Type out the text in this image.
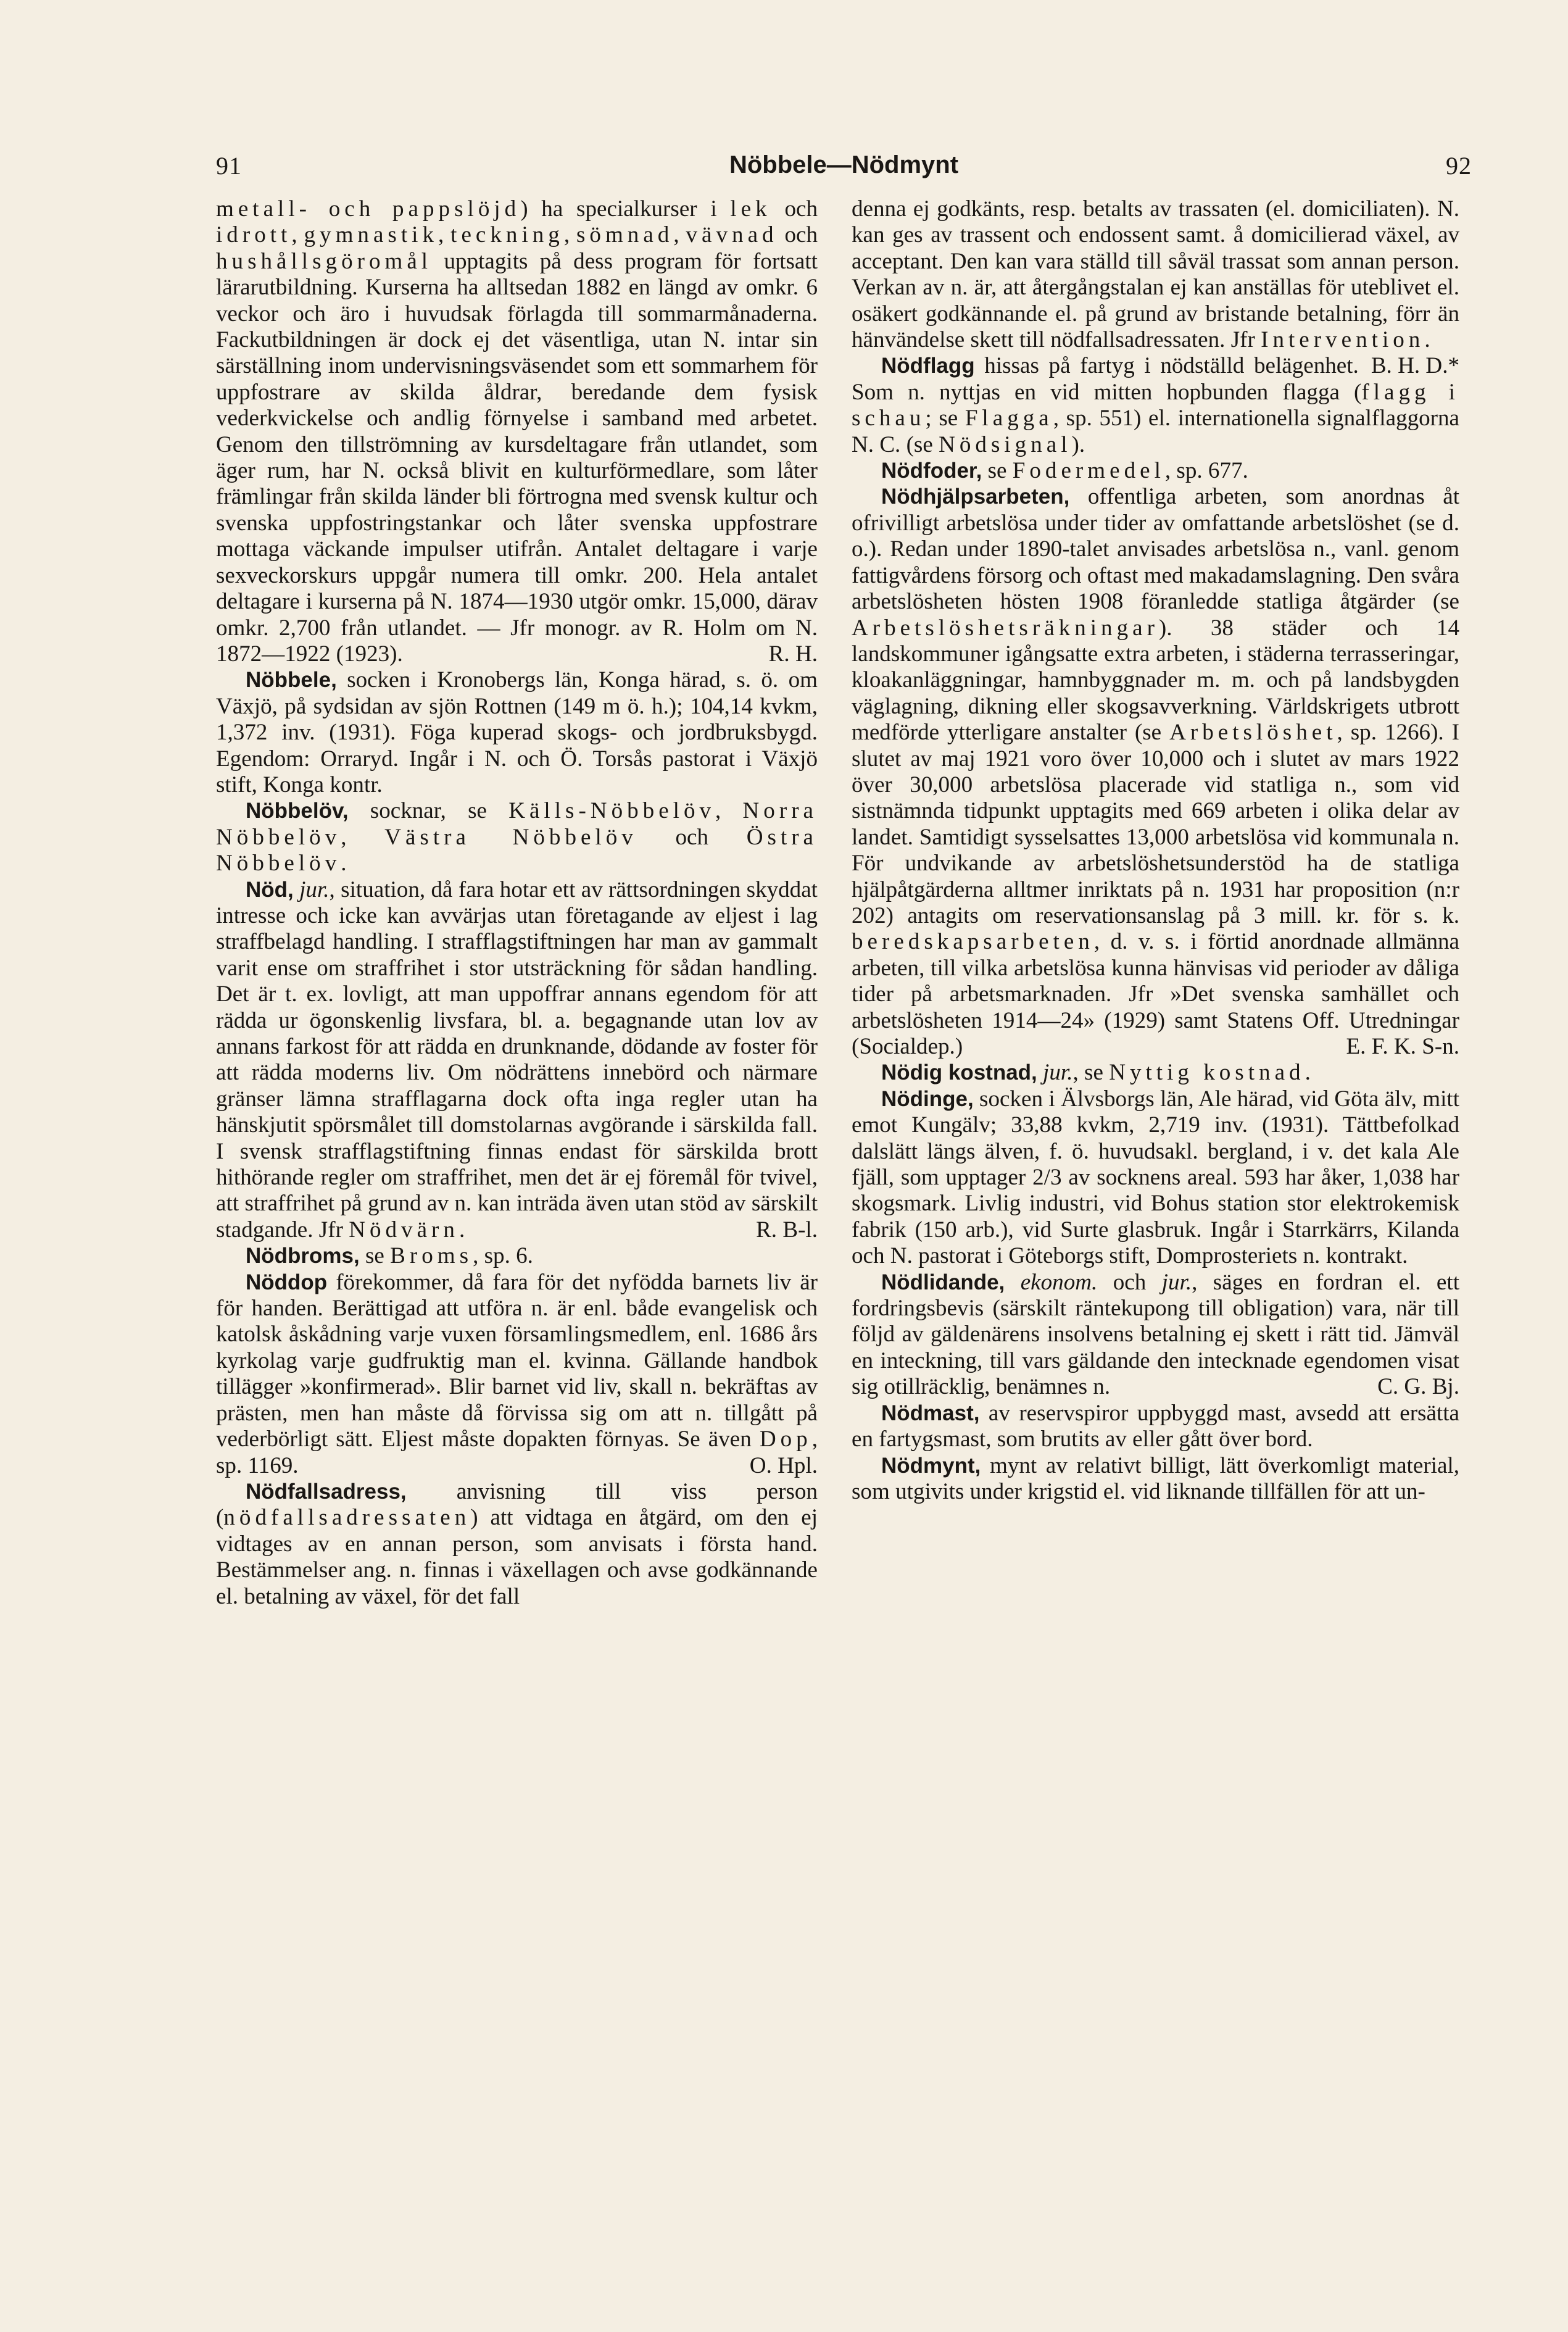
91	Nöbbele—Nödmynt	92

metall- och pappslöjd) ha specialkurser i lek och idrott, gymnastik, teckning, sömnad, vävnad och hushållsgöromål upptagits på dess program för fortsatt lärarutbildning. Kurserna ha alltsedan 1882 en längd av omkr. 6 veckor och äro i huvudsak förlagda till sommarmånaderna. Fackutbildningen är dock ej det väsentliga, utan N. intar sin särställning inom undervisningsväsendet som ett sommarhem för uppfostrare av skilda åldrar, beredande dem fysisk vederkvickelse och andlig förnyelse i samband med arbetet. Genom den tillströmning av kursdeltagare från utlandet, som äger rum, har N. också blivit en kulturförmedlare, som låter främlingar från skilda länder bli förtrogna med svensk kultur och svenska uppfostringstankar och låter svenska uppfostrare mottaga väckande impulser utifrån. Antalet deltagare i varje sexveckorskurs uppgår numera till omkr. 200. Hela antalet deltagare i kurserna på N. 1874—1930 utgör omkr. 15,000, därav omkr. 2,700 från utlandet. — Jfr monogr. av R. Holm om N. 1872—1922 (1923).	R. H.

Nöbbele, socken i Kronobergs län, Konga härad, s. ö. om Växjö, på sydsidan av sjön Rottnen (149 m ö. h.); 104,14 kvkm, 1,372 inv. (1931). Föga kuperad skogs- och jordbruksbygd. Egendom: Orraryd. Ingår i N. och Ö. Torsås pastorat i Växjö stift, Konga kontr.

Nöbbelöv, socknar, se Källs-Nöbbelöv, Norra Nöbbelöv, Västra Nöbbelöv och Östra Nöbbelöv.

Nöd, jur., situation, då fara hotar ett av rättsordningen skyddat intresse och icke kan avvärjas utan företagande av eljest i lag straffbelagd handling. I strafflagstiftningen har man av gammalt varit ense om straffrihet i stor utsträckning för sådan handling. Det är t. ex. lovligt, att man uppoffrar annans egendom för att rädda ur ögonskenlig livsfara, bl. a. begagnande utan lov av annans farkost för att rädda en drunknande, dödande av foster för att rädda moderns liv. Om nödrättens innebörd och närmare gränser lämna strafflagarna dock ofta inga regler utan ha hänskjutit spörsmålet till domstolarnas avgörande i särskilda fall. I svensk strafflagstiftning finnas endast för särskilda brott hithörande regler om straffrihet, men det är ej föremål för tvivel, att straffrihet på grund av n. kan inträda även utan stöd av särskilt stadgande. Jfr Nödvärn.	R. B-l.

Nödbroms, se Broms, sp. 6.

Nöddop förekommer, då fara för det nyfödda barnets liv är för handen. Berättigad att utföra n. är enl. både evangelisk och katolsk åskådning varje vuxen församlingsmedlem, enl. 1686 års kyrkolag varje gudfruktig man el. kvinna. Gällande handbok tillägger »konfirmerad». Blir barnet vid liv, skall n. bekräftas av prästen, men han måste då förvissa sig om att n. tillgått på vederbörligt sätt. Eljest måste dopakten förnyas. Se även Dop, sp. 1169.	O. Hpl.

Nödfallsadress, anvisning till viss person (nödfallsadressaten) att vidtaga en åtgärd, om den ej vidtages av en annan person, som anvisats i första hand. Bestämmelser ang. n. finnas i växellagen och avse godkännande el. betalning av växel, för det fall

denna ej godkänts, resp. betalts av trassaten (el. domiciliaten). N. kan ges av trassent och endossent samt. å domicilierad växel, av acceptant. Den kan vara ställd till såväl trassat som annan person. Verkan av n. är, att återgångstalan ej kan anställas för uteblivet el. osäkert godkännande el. på grund av bristande betalning, förr än hänvändelse skett till nödfallsadressaten. Jfr Intervention.
B. H. D.*

Nödflagg hissas på fartyg i nödställd belägenhet. Som n. nyttjas en vid mitten hopbunden flagga (flagg i schau; se Flagga, sp. 551) el. internationella signalflaggorna N. C. (se Nödsignal).

Nödfoder, se Fodermedel, sp. 677.

Nödhjälpsarbeten, offentliga arbeten, som anordnas åt ofrivilligt arbetslösa under tider av omfattande arbetslöshet (se d. o.). Redan under 1890-talet anvisades arbetslösa n., vanl. genom fattigvårdens försorg och oftast med makadamslagning. Den svåra arbetslösheten hösten 1908 föranledde statliga åtgärder (se Arbetslöshetsräkningar). 38 städer och 14 landskommuner igångsatte extra arbeten, i städerna terrasseringar, kloakanläggningar, hamnbyggnader m. m. och på landsbygden väglagning, dikning eller skogsavverkning. Världskrigets utbrott medförde ytterligare anstalter (se Arbetslöshet, sp. 1266). I slutet av maj 1921 voro över 10,000 och i slutet av mars 1922 över 30,000 arbetslösa placerade vid statliga n., som vid sistnämnda tidpunkt upptagits med 669 arbeten i olika delar av landet. Samtidigt sysselsattes 13,000 arbetslösa vid kommunala n. För undvikande av arbetslöshetsunderstöd ha de statliga hjälpåtgärderna alltmer inriktats på n. 1931 har proposition (n:r 202) antagits om reservationsanslag på 3 mill. kr. för s. k. beredskapsarbeten, d. v. s. i förtid anordnade allmänna arbeten, till vilka arbetslösa kunna hänvisas vid perioder av dåliga tider på arbetsmarknaden. Jfr »Det svenska samhället och arbetslösheten 1914—24» (1929) samt Statens Off. Utredningar (Socialdep.)	E. F. K. S-n.

Nödig kostnad, jur., se Nyttig kostnad.

Nödinge, socken i Älvsborgs län, Ale härad, vid Göta älv, mitt emot Kungälv; 33,88 kvkm, 2,719 inv. (1931). Tättbefolkad dalslätt längs älven, f. ö. huvudsakl. bergland, i v. det kala Ale fjäll, som upptager 2/3 av socknens areal. 593 har åker, 1,038 har skogsmark. Livlig industri, vid Bohus station stor elektrokemisk fabrik (150 arb.), vid Surte glasbruk. Ingår i Starrkärrs, Kilanda och N. pastorat i Göteborgs stift, Domprosteriets n. kontrakt.

Nödlidande, ekonom. och jur., säges en fordran el. ett fordringsbevis (särskilt räntekupong till obligation) vara, när till följd av gäldenärens insolvens betalning ej skett i rätt tid. Jämväl en inteckning, till vars gäldande den intecknade egendomen visat sig otillräcklig, benämnes n.	C. G. Bj.

Nödmast, av reservspiror uppbyggd mast, avsedd att ersätta en fartygsmast, som brutits av eller gått över bord.

Nödmynt, mynt av relativt billigt, lätt överkomligt material, som utgivits under krigstid el. vid liknande tillfällen för att un-
